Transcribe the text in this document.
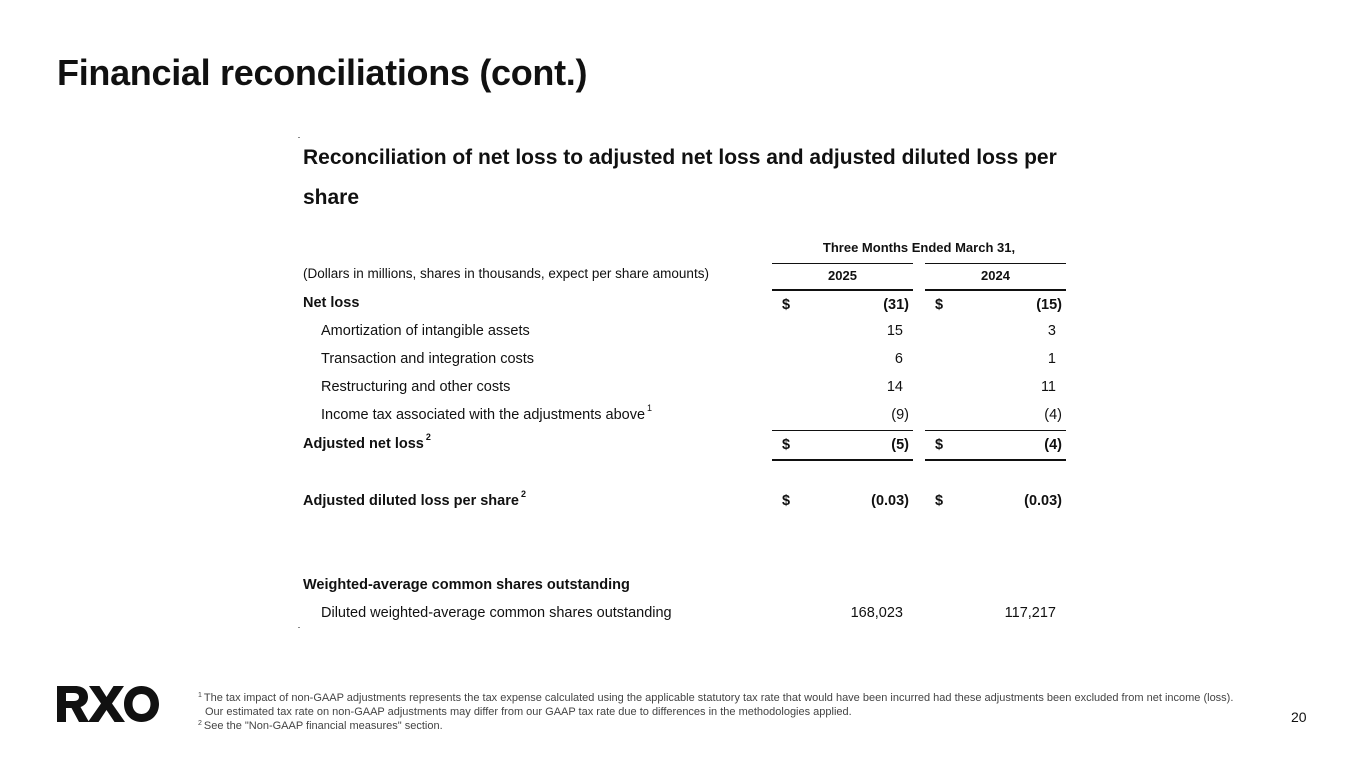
Financial reconciliations (cont.)
Reconciliation of net loss to adjusted net loss and adjusted diluted loss per share
Three Months Ended March 31,
(Dollars in millions, shares in thousands, expect per share amounts)	2025	2024
Net loss	$	(31) $	(15)
Amortization of intangible assets	15	3
Transaction and integration costs	6	1
Restructuring and other costs	14	11
Income tax associated with the adjustments above $^1$	(9)	(4)
Adjusted net loss $^2$	$	(5) $	(4)
Adjusted diluted loss per share $^2$	$	(0.03) $	(0.03)
Weighted-average common shares outstanding
Diluted weighted-average common shares outstanding	168,023	117,217

$^1$ The tax impact of non-GAAP adjustments represents the tax expense calculated using the applicable statutory tax rate that would have been incurred had these adjustments been excluded from net income (loss). Our estimated tax rate on non-GAAP adjustments may differ from our GAAP tax rate due to differences in the methodologies applied.

$^2$ See the "Non-GAAP financial measures" section.

20
